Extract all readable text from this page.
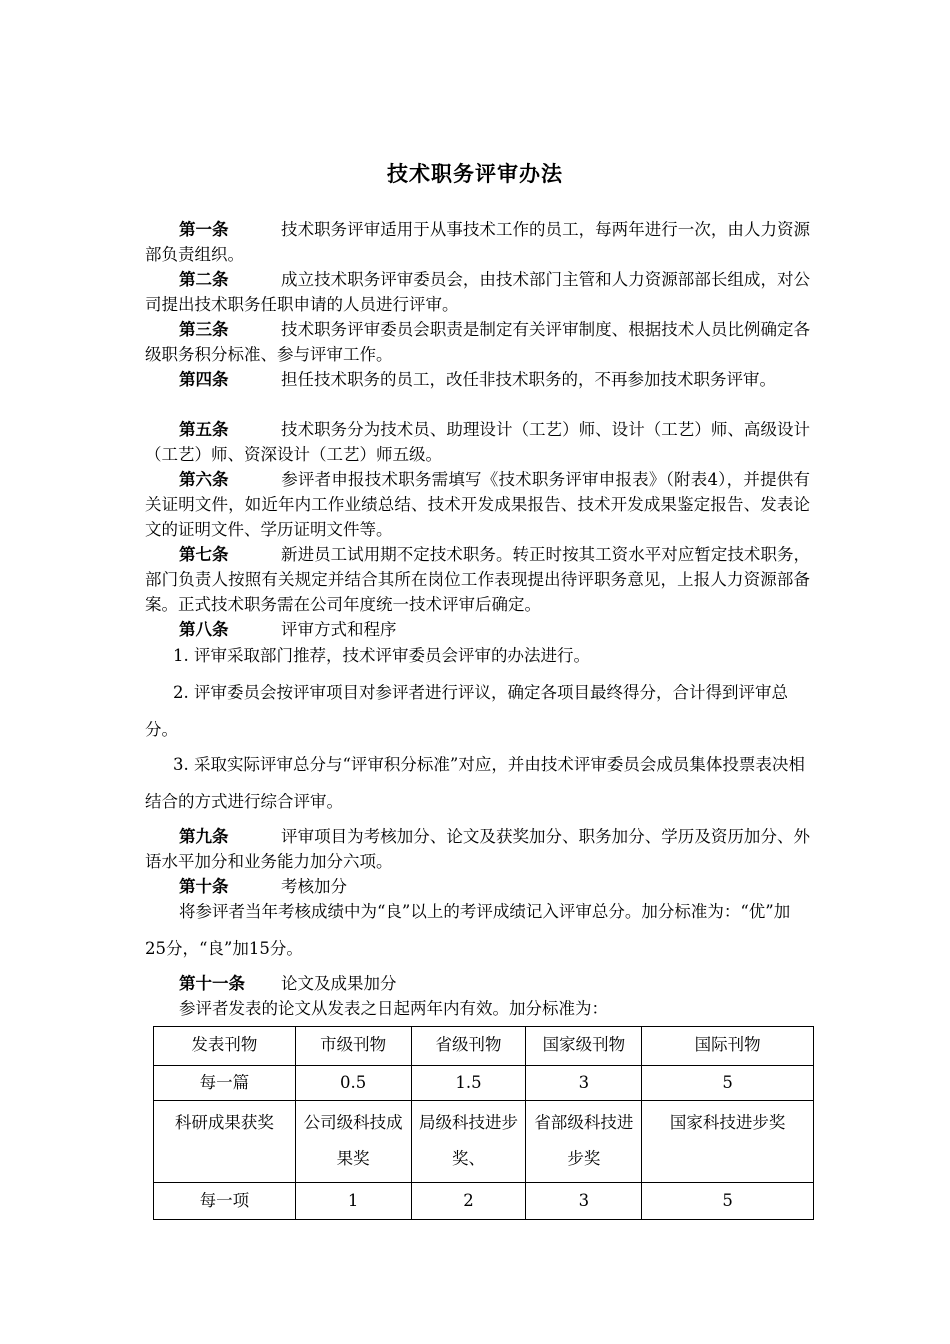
技术职务评审办法
第一条	技术职务评审适用于从事技术工作的员工，每两年进行一次，由人力资源部负责组织。
第二条	成立技术职务评审委员会，由技术部门主管和人力资源部部长组成，对公司提出技术职务任职申请的人员进行评审。
第三条	技术职务评审委员会职责是制定有关评审制度、根据技术人员比例确定各级职务积分标准、参与评审工作。
第四条	担任技术职务的员工，改任非技术职务的，不再参加技术职务评审。
第五条	技术职务分为技术员、助理设计（工艺）师、设计（工艺）师、高级设计（工艺）师、资深设计（工艺）师五级。
第六条	参评者申报技术职务需填写《技术职务评审申报表》（附表4），并提供有关证明文件，如近年内工作业绩总结、技术开发成果报告、技术开发成果鉴定报告、发表论文的证明文件、学历证明文件等。
第七条	新进员工试用期不定技术职务。转正时按其工资水平对应暂定技术职务，部门负责人按照有关规定并结合其所在岗位工作表现提出待评职务意见，上报人力资源部备案。正式技术职务需在公司年度统一技术评审后确定。
第八条	评审方式和程序
1. 评审采取部门推荐，技术评审委员会评审的办法进行。
2. 评审委员会按评审项目对参评者进行评议，确定各项目最终得分，合计得到评审总分。
3. 采取实际评审总分与“评审积分标准”对应，并由技术评审委员会成员集体投票表决相结合的方式进行综合评审。
第九条	评审项目为考核加分、论文及获奖加分、职务加分、学历及资历加分、外语水平加分和业务能力加分六项。
第十条	考核加分
将参评者当年考核成绩中为“良”以上的考评成绩记入评审总分。加分标准为：“优”加25分，“良”加15分。
第十一条 论文及成果加分
参评者发表的论文从发表之日起两年内有效。加分标准为：
发表刊物	市级刊物	省级刊物	国家级刊物	国际刊物
每一篇	0.5	1.5	3	5
科研成果获奖	公司级科技成果奖	局级科技进步奖、	省部级科技进步奖	国家科技进步奖
每一项	1	2	3	5
